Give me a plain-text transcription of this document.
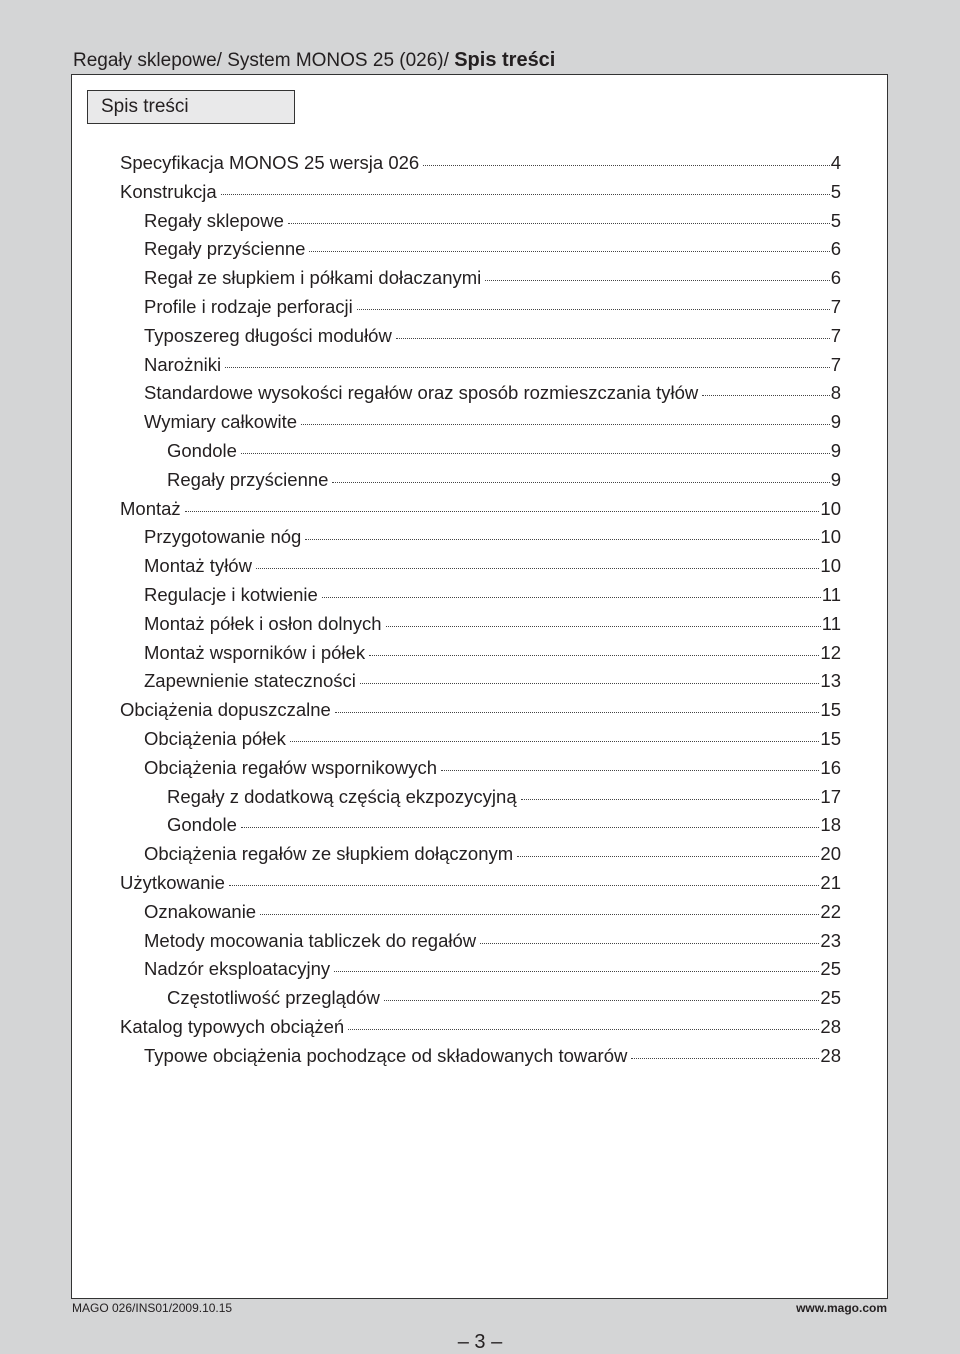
Regały sklepowe/ System MONOS 25 (026)/ Spis treści
Spis treści
Specyfikacja MONOS 25 wersja 026	4
Konstrukcja	5
Regały sklepowe	5
Regały przyścienne	6
Regał ze słupkiem i półkami dołaczanymi	6
Profile i rodzaje perforacji	7
Typoszereg długości modułów	7
Narożniki	7
Standardowe wysokości regałów oraz sposób rozmieszczania tyłów	8
Wymiary całkowite	9
Gondole	9
Regały przyścienne	9
Montaż	10
Przygotowanie nóg	10
Montaż tyłów	10
Regulacje i kotwienie	11
Montaż półek i osłon dolnych	11
Montaż wsporników i półek	12
Zapewnienie stateczności	13
Obciążenia dopuszczalne	15
Obciążenia półek	15
Obciążenia regałów wspornikowych	16
Regały z dodatkową częścią ekzpozycyjną	17
Gondole	18
Obciążenia regałów ze słupkiem dołączonym	20
Użytkowanie	21
Oznakowanie	22
Metody mocowania tabliczek do regałów	23
Nadzór eksploatacyjny	25
Częstotliwość przeglądów	25
Katalog typowych obciążeń	28
Typowe obciążenia pochodzące od składowanych towarów	28
MAGO 026/INS01/2009.10.15	www.mago.com
– 3 –
